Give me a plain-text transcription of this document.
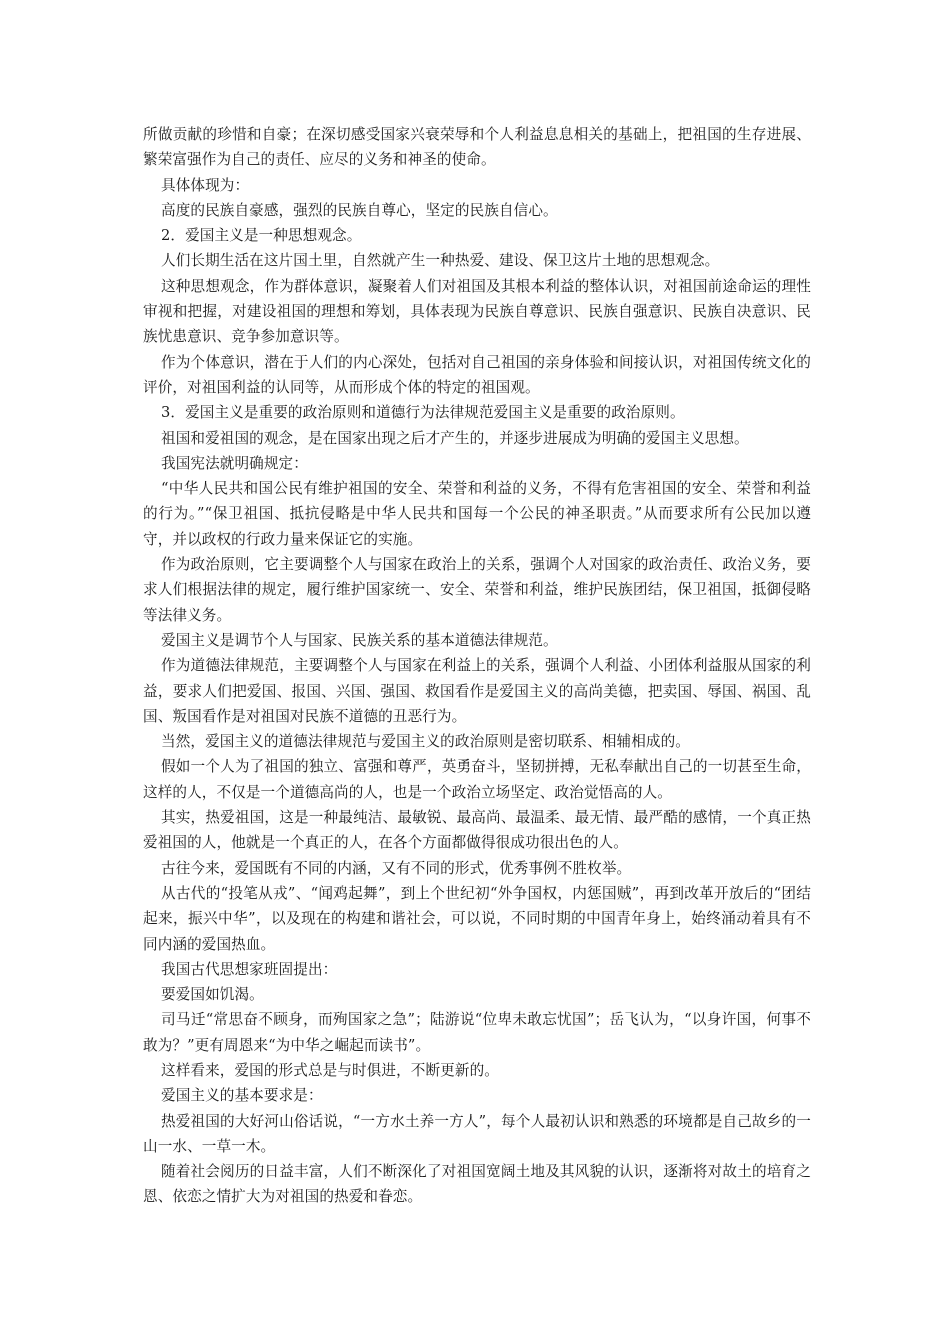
所做贡献的珍惜和自豪；在深切感受国家兴衰荣辱和个人利益息息相关的基础上，把祖国的生存进展、繁荣富强作为自己的责任、应尽的义务和神圣的使命。

具体体现为：

高度的民族自豪感，强烈的民族自尊心，坚定的民族自信心。

2．爱国主义是一种思想观念。

人们长期生活在这片国土里，自然就产生一种热爱、建设、保卫这片土地的思想观念。

这种思想观念，作为群体意识，凝聚着人们对祖国及其根本利益的整体认识，对祖国前途命运的理性审视和把握，对建设祖国的理想和筹划，具体表现为民族自尊意识、民族自强意识、民族自决意识、民族忧患意识、竞争参加意识等。

作为个体意识，潜在于人们的内心深处，包括对自己祖国的亲身体验和间接认识，对祖国传统文化的评价，对祖国利益的认同等，从而形成个体的特定的祖国观。

3．爱国主义是重要的政治原则和道德行为法律规范爱国主义是重要的政治原则。

祖国和爱祖国的观念，是在国家出现之后才产生的，并逐步进展成为明确的爱国主义思想。

我国宪法就明确规定：

“中华人民共和国公民有维护祖国的安全、荣誉和利益的义务，不得有危害祖国的安全、荣誉和利益的行为。”“保卫祖国、抵抗侵略是中华人民共和国每一个公民的神圣职责。”从而要求所有公民加以遵守，并以政权的行政力量来保证它的实施。

作为政治原则，它主要调整个人与国家在政治上的关系，强调个人对国家的政治责任、政治义务，要求人们根据法律的规定，履行维护国家统一、安全、荣誉和利益，维护民族团结，保卫祖国，抵御侵略等法律义务。

爱国主义是调节个人与国家、民族关系的基本道德法律规范。

作为道德法律规范，主要调整个人与国家在利益上的关系，强调个人利益、小团体利益服从国家的利益，要求人们把爱国、报国、兴国、强国、救国看作是爱国主义的高尚美德，把卖国、辱国、祸国、乱国、叛国看作是对祖国对民族不道德的丑恶行为。

当然，爱国主义的道德法律规范与爱国主义的政治原则是密切联系、相辅相成的。

假如一个人为了祖国的独立、富强和尊严，英勇奋斗，坚韧拼搏，无私奉献出自己的一切甚至生命，这样的人，不仅是一个道德高尚的人，也是一个政治立场坚定、政治觉悟高的人。

其实，热爱祖国，这是一种最纯洁、最敏锐、最高尚、最温柔、最无情、最严酷的感情，一个真正热爱祖国的人，他就是一个真正的人，在各个方面都做得很成功很出色的人。

古往今来，爱国既有不同的内涵，又有不同的形式，优秀事例不胜枚举。

从古代的“投笔从戎”、“闻鸡起舞”，到上个世纪初“外争国权，内惩国贼”，再到改革开放后的“团结起来，振兴中华”，以及现在的构建和谐社会，可以说，不同时期的中国青年身上，始终涌动着具有不同内涵的爱国热血。

我国古代思想家班固提出：

要爱国如饥渴。

司马迁“常思奋不顾身，而殉国家之急”；陆游说“位卑未敢忘忧国”；岳飞认为，“以身许国，何事不敢为？”更有周恩来“为中华之崛起而读书”。

这样看来，爱国的形式总是与时俱进，不断更新的。

爱国主义的基本要求是：

热爱祖国的大好河山俗话说，“一方水土养一方人”，每个人最初认识和熟悉的环境都是自己故乡的一山一水、一草一木。

随着社会阅历的日益丰富，人们不断深化了对祖国宽阔土地及其风貌的认识，逐渐将对故土的培育之恩、依恋之情扩大为对祖国的热爱和眷恋。
